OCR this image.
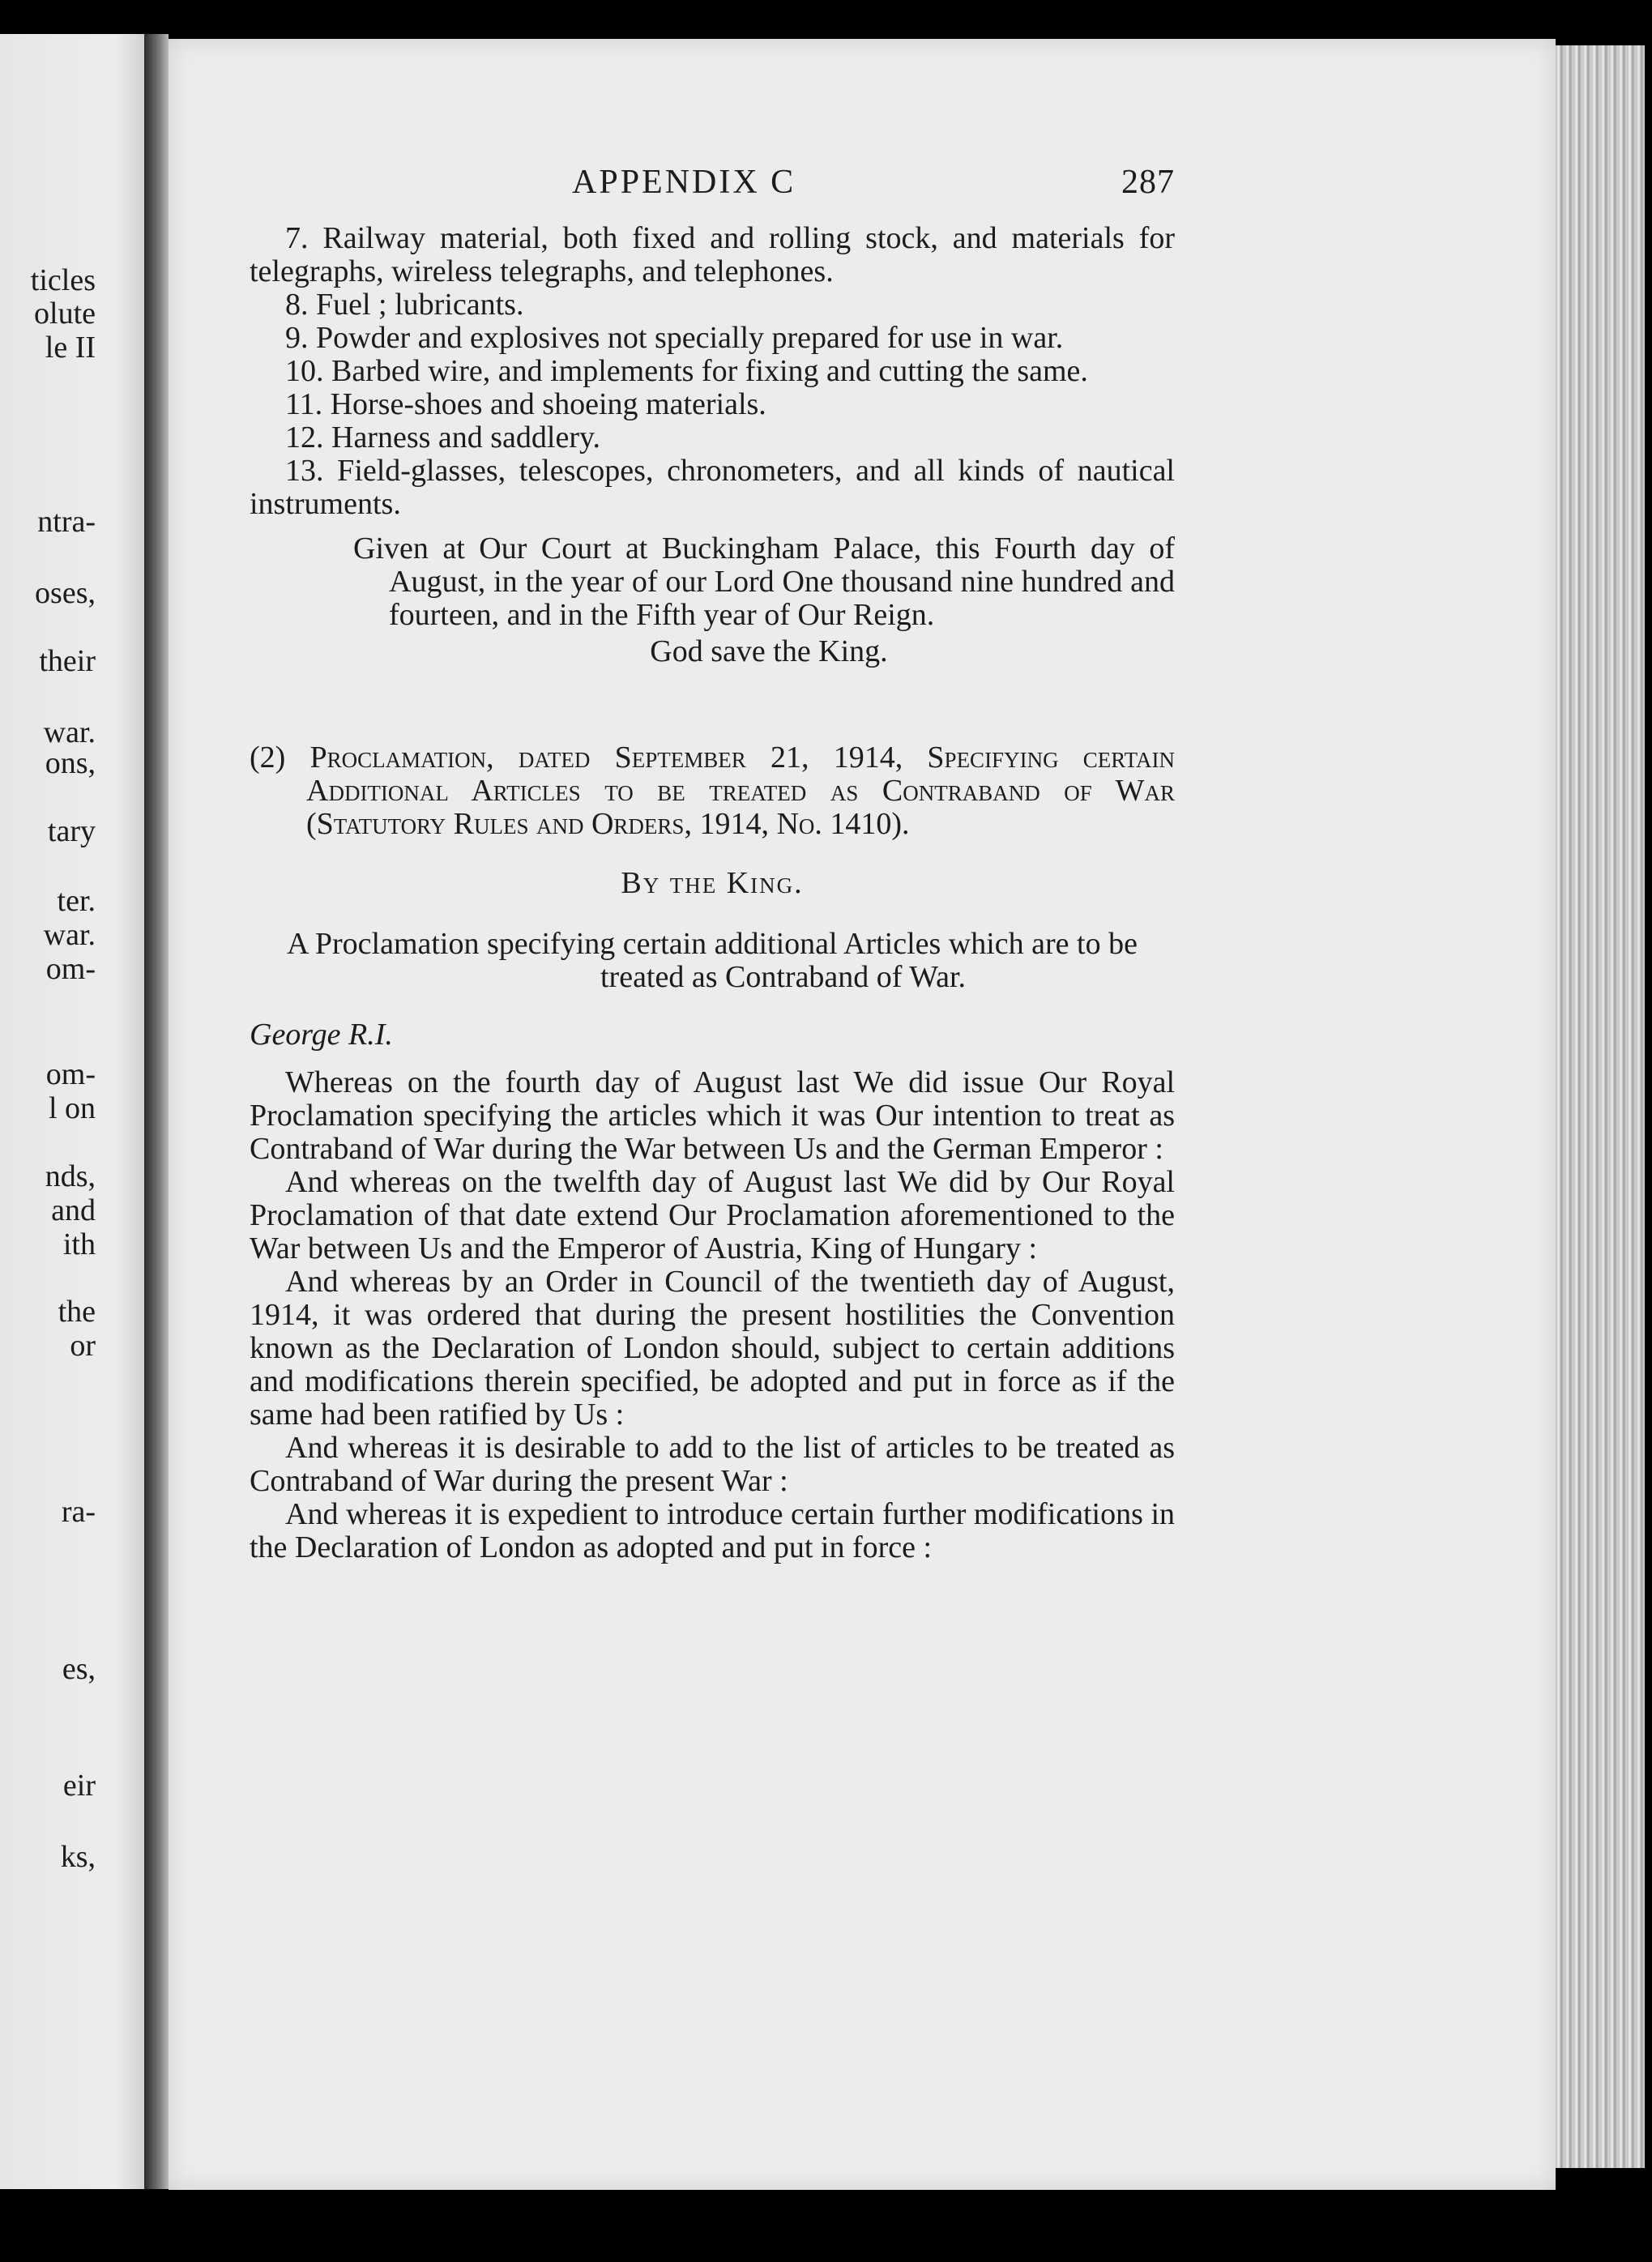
ticles
olute
le II
ntra-
oses,
their
war.
ons,
tary
ter.
war.
om-
om-
l on
nds,
and
ith
the
or
ra-
es,
eir
ks,
APPENDIX C	287

7. Railway material, both fixed and rolling stock, and materials for telegraphs, wireless telegraphs, and telephones.

8. Fuel ; lubricants.

9. Powder and explosives not specially prepared for use in war.

10. Barbed wire, and implements for fixing and cutting the same.

11. Horse-shoes and shoeing materials.

12. Harness and saddlery.

13. Field-glasses, telescopes, chronometers, and all kinds of nautical instruments.

Given at Our Court at Buckingham Palace, this Fourth day of August, in the year of our Lord One thousand nine hundred and fourteen, and in the Fifth year of Our Reign.

God save the King.

(2) Proclamation, dated September 21, 1914, Specifying certain Additional Articles to be treated as Contraband of War (Statutory Rules and Orders, 1914, No. 1410).

By the King.

A Proclamation specifying certain additional Articles which are to be treated as Contraband of War.

George R.I.

Whereas on the fourth day of August last We did issue Our Royal Proclamation specifying the articles which it was Our intention to treat as Contraband of War during the War between Us and the German Emperor :

And whereas on the twelfth day of August last We did by Our Royal Proclamation of that date extend Our Proclamation aforementioned to the War between Us and the Emperor of Austria, King of Hungary :

And whereas by an Order in Council of the twentieth day of August, 1914, it was ordered that during the present hostilities the Convention known as the Declaration of London should, subject to certain additions and modifications therein specified, be adopted and put in force as if the same had been ratified by Us :

And whereas it is desirable to add to the list of articles to be treated as Contraband of War during the present War :

And whereas it is expedient to introduce certain further modifications in the Declaration of London as adopted and put in force :
